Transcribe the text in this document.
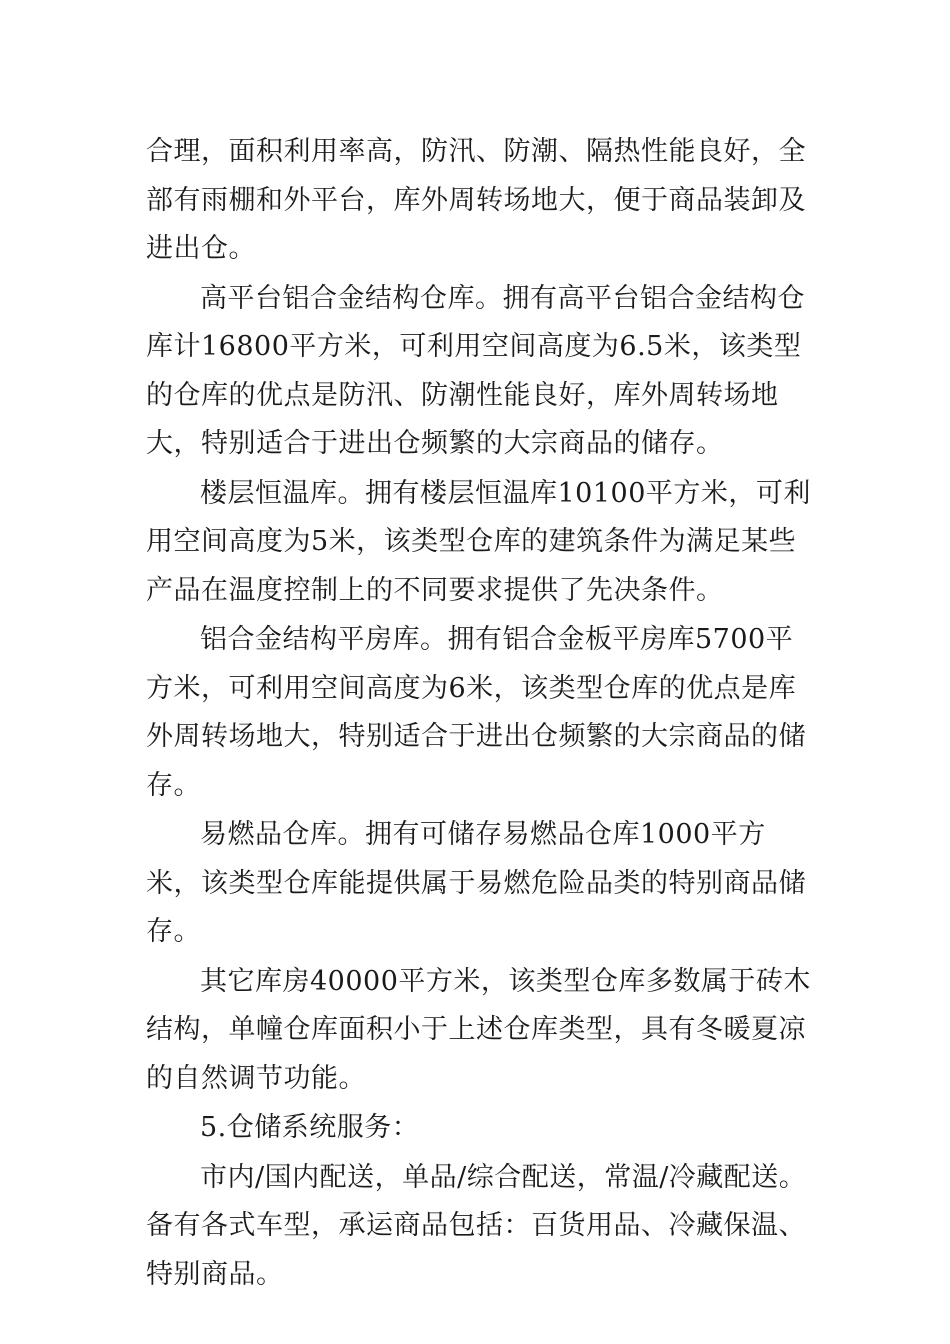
合理，面积利用率高，防汛、防潮、隔热性能良好，全部有雨棚和外平台，库外周转场地大，便于商品装卸及进出仓。

高平台铝合金结构仓库。拥有高平台铝合金结构仓库计16800平方米，可利用空间高度为6.5米，该类型的仓库的优点是防汛、防潮性能良好，库外周转场地大，特别适合于进出仓频繁的大宗商品的储存。

楼层恒温库。拥有楼层恒温库10100平方米，可利用空间高度为5米，该类型仓库的建筑条件为满足某些产品在温度控制上的不同要求提供了先决条件。

铝合金结构平房库。拥有铝合金板平房库5700平方米，可利用空间高度为6米，该类型仓库的优点是库外周转场地大，特别适合于进出仓频繁的大宗商品的储存。

易燃品仓库。拥有可储存易燃品仓库1000平方米，该类型仓库能提供属于易燃危险品类的特别商品储存。

其它库房40000平方米，该类型仓库多数属于砖木结构，单幢仓库面积小于上述仓库类型，具有冬暖夏凉的自然调节功能。

5.仓储系统服务：

市内/国内配送，单品/综合配送，常温/冷藏配送。备有各式车型，承运商品包括：百货用品、冷藏保温、特别商品。
